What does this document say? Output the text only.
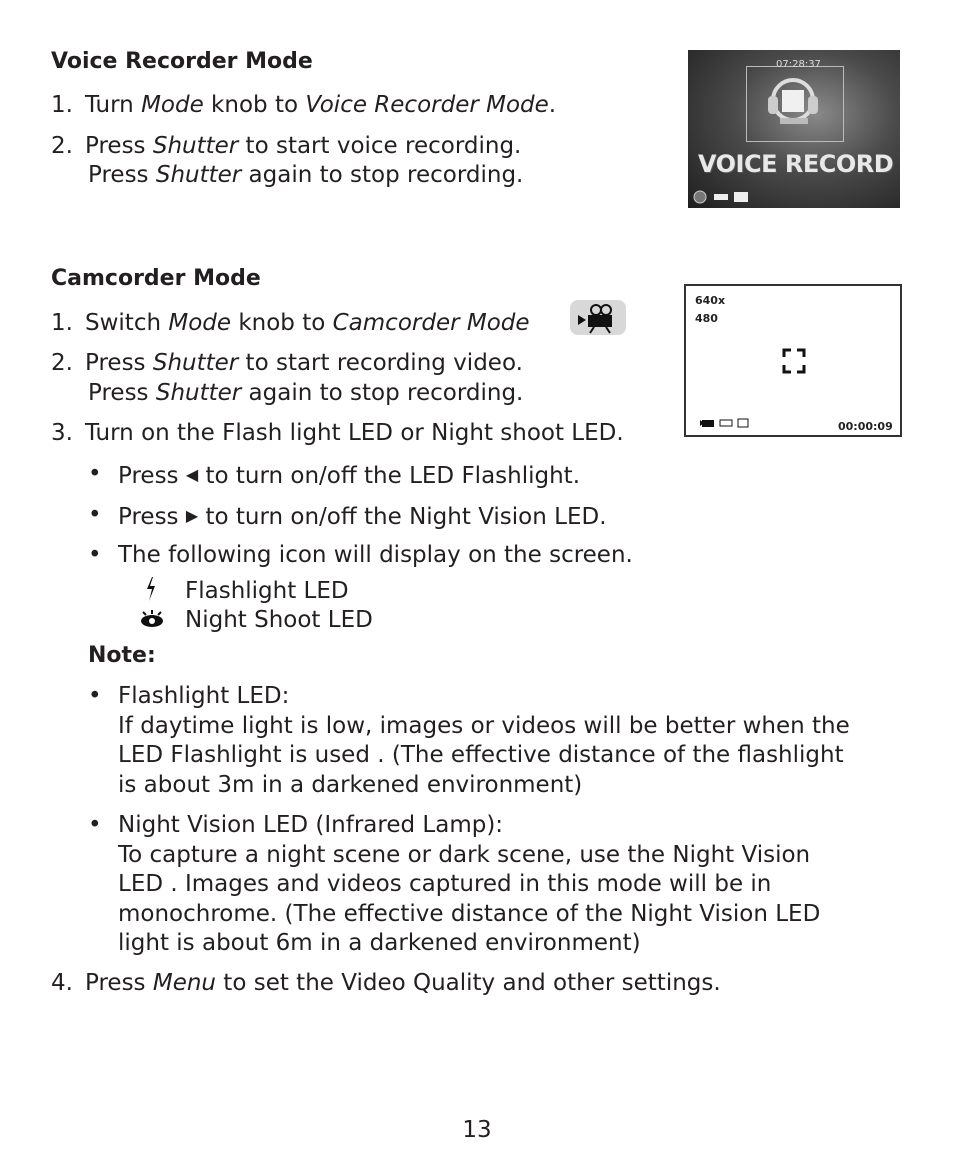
Voice Recorder Mode
1. Turn Mode knob to Voice Recorder Mode.
2. Press Shutter to start voice recording.
Press Shutter again to stop recording.
07:28:37
VOICE RECORD
Camcorder Mode
1. Switch Mode knob to Camcorder Mode
2. Press Shutter to start recording video.
Press Shutter again to stop recording.
3. Turn on the Flash light LED or Night shoot LED.
640x
480
00:00:09
• Press ◀ to turn on/off the LED Flashlight.
• Press ▶ to turn on/off the Night Vision LED.
• The following icon will display on the screen.
Flashlight LED
Night Shoot LED
Note:
• Flashlight LED:
If daytime light is low, images or videos will be better when the
LED Flashlight is used . (The effective distance of the flashlight
is about 3m in a darkened environment)
• Night Vision LED (Infrared Lamp):
To capture a night scene or dark scene, use the Night Vision
LED . Images and videos captured in this mode will be in
monochrome. (The effective distance of the Night Vision LED
light is about 6m in a darkened environment)
4. Press Menu to set the Video Quality and other settings.
13
